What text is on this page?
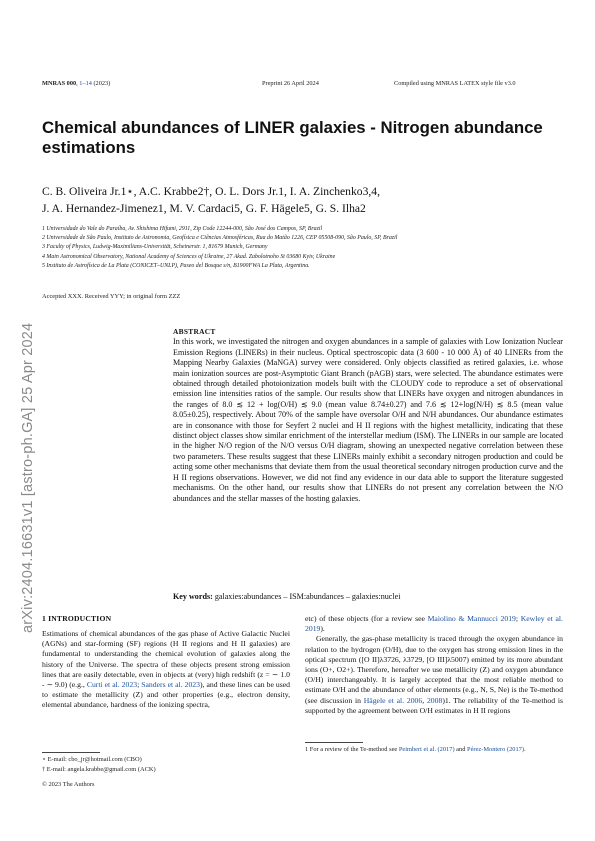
MNRAS 000, 1–14 (2023)	Preprint 26 April 2024	Compiled using MNRAS LATEX style file v3.0
arXiv:2404.16631v1 [astro-ph.GA] 25 Apr 2024
Chemical abundances of LINER galaxies - Nitrogen abundance estimations
C. B. Oliveira Jr.1⋆, A.C. Krabbe2†, O. L. Dors Jr.1, I. A. Zinchenko3,4,
J. A. Hernandez-Jimenez1, M. V. Cardaci5, G. F. Hägele5, G. S. Ilha2
1 Universidade do Vale do Paraíba, Av. Shishima Hifumi, 2911, Zip Code 12244-000, São José dos Campos, SP, Brazil
2 Universidade de São Paulo, Instituto de Astronomia, Geofísica e Ciências Atmosféricas, Rua do Matão 1226, CEP 05508-090, São Paulo, SP, Brazil
3 Faculty of Physics, Ludwig-Maximilians-Universität, Scheinerstr. 1, 81679 Munich, Germany
4 Main Astronomical Observatory, National Academy of Sciences of Ukraine, 27 Akad. Zabolotnoho St 03680 Kyiv, Ukraine
5 Instituto de Astrofísica de La Plata (CONICET–UNLP), Paseo del Bosque s/n, B1900FWA La Plata, Argentina.
Accepted XXX. Received YYY; in original form ZZZ
ABSTRACT

In this work, we investigated the nitrogen and oxygen abundances in a sample of galaxies with Low Ionization Nuclear Emission Regions (LINERs) in their nucleus. Optical spectroscopic data (3 600 - 10 000 Å) of 40 LINERs from the Mapping Nearby Galaxies (MaNGA) survey were considered. Only objects classified as retired galaxies, i.e. whose main ionization sources are post-Asymptotic Giant Branch (pAGB) stars, were selected. The abundance estimates were obtained through detailed photoionization models built with the CLOUDY code to reproduce a set of observational emission line intensities ratios of the sample. Our results show that LINERs have oxygen and nitrogen abundances in the ranges of 8.0 ≲ 12 + log(O/H) ≲ 9.0 (mean value 8.74±0.27) and 7.6 ≲ 12+log(N/H) ≲ 8.5 (mean value 8.05±0.25), respectively. About 70% of the sample have oversolar O/H and N/H abundances. Our abundance estimates are in consonance with those for Seyfert 2 nuclei and H II regions with the highest metallicity, indicating that these distinct object classes show similar enrichment of the interstellar medium (ISM). The LINERs in our sample are located in the higher N/O region of the N/O versus O/H diagram, showing an unexpected negative correlation between these two parameters. These results suggest that these LINERs mainly exhibit a secondary nitrogen production and could be acting some other mechanisms that deviate them from the usual theoretical secondary nitrogen production curve and the H II regions observations. However, we did not find any evidence in our data able to support the literature suggested mechanisms. On the other hand, our results show that LINERs do not present any correlation between the N/O abundances and the stellar masses of the hosting galaxies.

Key words: galaxies:abundances – ISM:abundances – galaxies:nuclei
1 INTRODUCTION

Estimations of chemical abundances of the gas phase of Active Galactic Nuclei (AGNs) and star-forming (SF) regions (H II regions and H II galaxies) are fundamental to understanding the chemical evolution of galaxies along the history of the Universe. The spectra of these objects present strong emission lines that are easily detectable, even in objects at (very) high redshift (z = ∼ 1.0 - ∼ 9.0) (e.g., Curti et al. 2023; Sanders et al. 2023), and these lines can be used to estimate the metallicity (Z) and other properties (e.g., electron density, elemental abundance, hardness of the ionizing spectra,

etc) of these objects (for a review see Maiolino & Mannucci 2019; Kewley et al. 2019).

Generally, the gas-phase metallicity is traced through the oxygen abundance in relation to the hydrogen (O/H), due to the oxygen has strong emission lines in the optical spectrum ([O II]λ3726, λ3729, [O III]λ5007) emitted by its more abundant ions (O+, O2+). Therefore, hereafter we use metallicity (Z) and oxygen abundance (O/H) interchangeably. It is largely accepted that the most reliable method to estimate O/H and the abundance of other elements (e.g., N, S, Ne) is the Te-method (see discussion in Hägele et al. 2006, 2008)1. The reliability of the Te-method is supported by the agreement between O/H estimates in H II regions

⋆ E-mail: cbo_jr@hotmail.com (CBO)
† E-mail: angela.krabbe@gmail.com (ACK)
1 For a review of the Te-method see Peimbert et al. (2017) and Pérez-Montero (2017).
© 2023 The Authors
